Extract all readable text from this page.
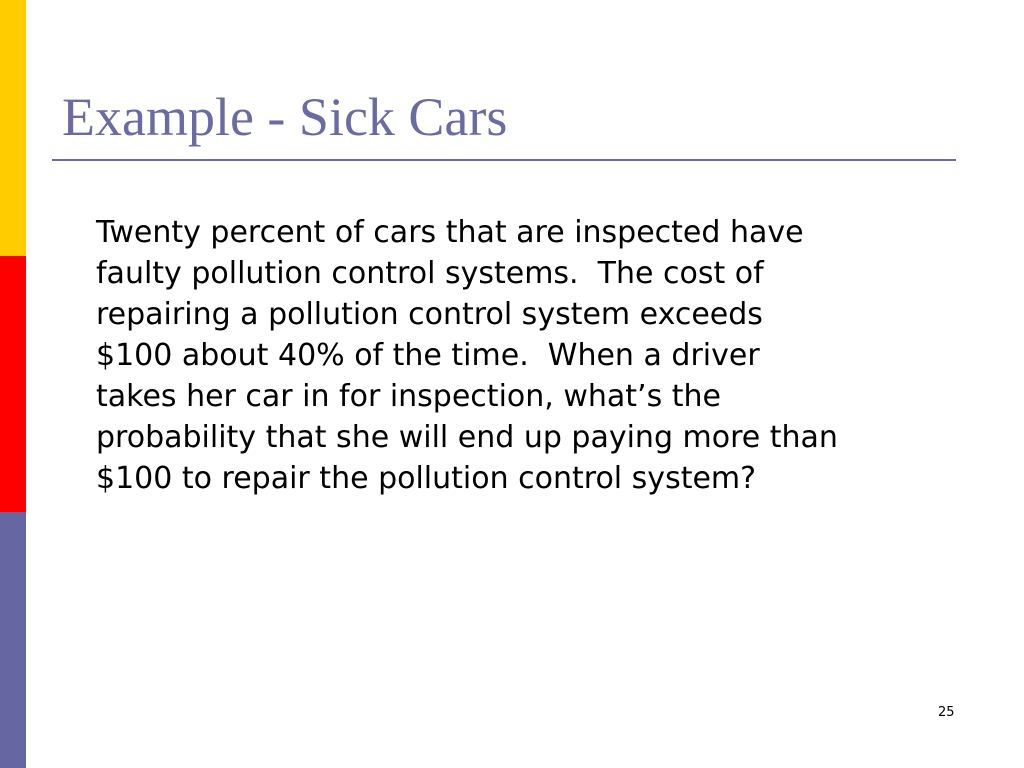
Example - Sick Cars

Twenty percent of cars that are inspected have
faulty pollution control systems.  The cost of
repairing a pollution control system exceeds
$100 about 40% of the time.  When a driver
takes her car in for inspection, what’s the
probability that she will end up paying more than
$100 to repair the pollution control system?

25
